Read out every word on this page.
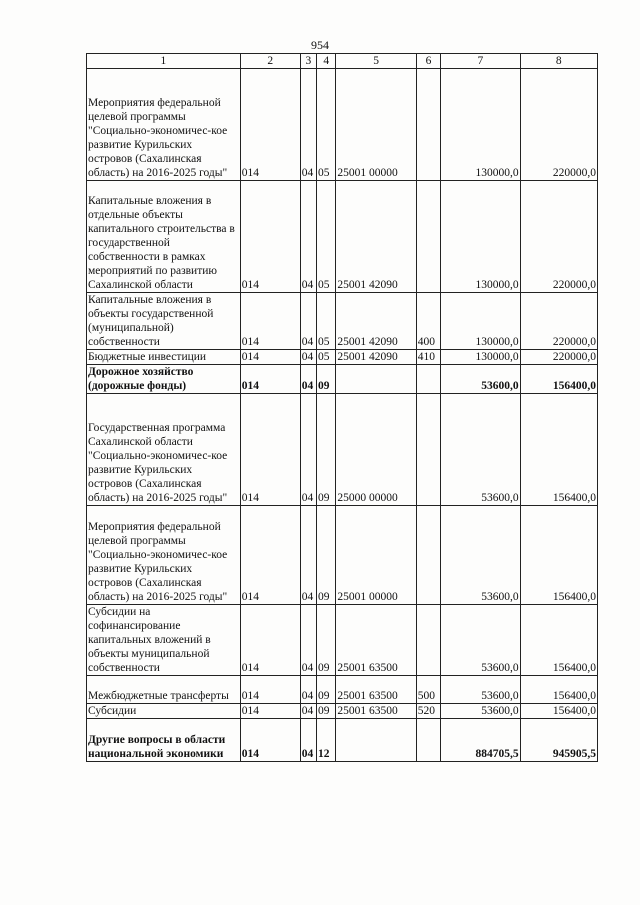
954
1	2	3	4	5	6	7	8
Мероприятия федеральной целевой программы "Социально-экономичес-кое развитие Курильских островов (Сахалинская область) на 2016-2025 годы"	014	04	05	25001 00000		130000,0	220000,0
Капитальные вложения в отдельные объекты капитального строительства в государственной собственности в рамках мероприятий по развитию Сахалинской области	014	04	05	25001 42090		130000,0	220000,0
Капитальные вложения в объекты государственной (муниципальной) собственности	014	04	05	25001 42090	400	130000,0	220000,0
Бюджетные инвестиции	014	04	05	25001 42090	410	130000,0	220000,0
Дорожное хозяйство (дорожные фонды)	014	04	09			53600,0	156400,0
Государственная программа Сахалинской области "Социально-экономичес-кое развитие Курильских островов (Сахалинская область) на 2016-2025 годы"	014	04	09	25000 00000		53600,0	156400,0
Мероприятия федеральной целевой программы "Социально-экономичес-кое развитие Курильских островов (Сахалинская область) на 2016-2025 годы"	014	04	09	25001 00000		53600,0	156400,0
Субсидии на софинансирование капитальных вложений в объекты муниципальной собственности	014	04	09	25001 63500		53600,0	156400,0
Межбюджетные трансферты	014	04	09	25001 63500	500	53600,0	156400,0
Субсидии	014	04	09	25001 63500	520	53600,0	156400,0
Другие вопросы в области национальной экономики	014	04	12			884705,5	945905,5
